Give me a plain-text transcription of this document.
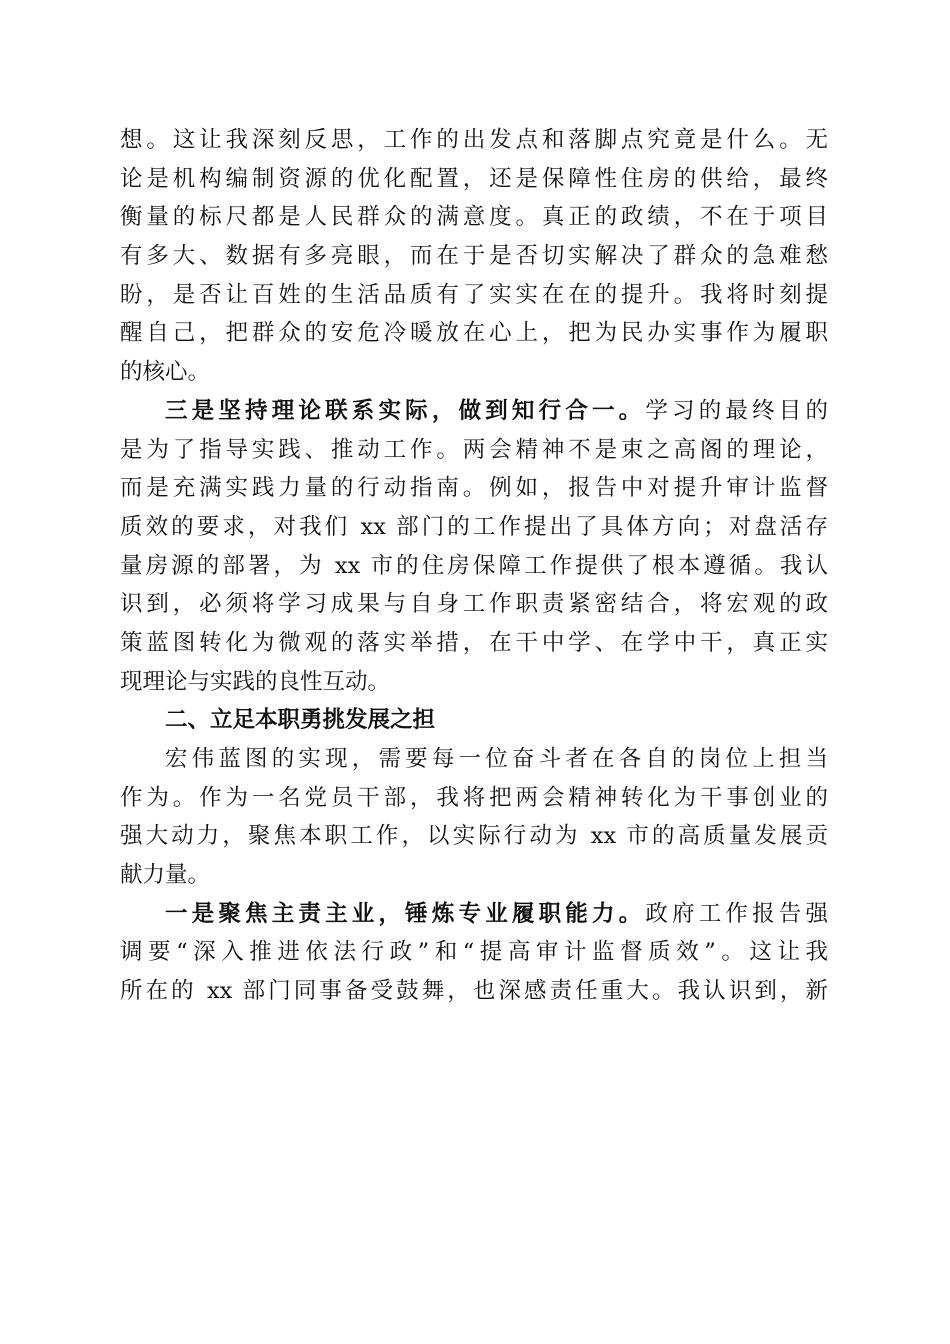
想。这让我深刻反思，工作的出发点和落脚点究竟是什么。无
论是机构编制资源的优化配置，还是保障性住房的供给，最终
衡量的标尺都是人民群众的满意度。真正的政绩，不在于项目
有多大、数据有多亮眼，而在于是否切实解决了群众的急难愁
盼，是否让百姓的生活品质有了实实在在的提升。我将时刻提
醒自己，把群众的安危冷暖放在心上，把为民办实事作为履职
的核心。
三是坚持理论联系实际，做到知行合一。学习的最终目的
是为了指导实践、推动工作。两会精神不是束之高阁的理论，
而是充满实践力量的行动指南。例如，报告中对提升审计监督
质效的要求，对我们 xx 部门的工作提出了具体方向；对盘活存
量房源的部署，为 xx 市的住房保障工作提供了根本遵循。我认
识到，必须将学习成果与自身工作职责紧密结合，将宏观的政
策蓝图转化为微观的落实举措，在干中学、在学中干，真正实
现理论与实践的良性互动。
二、立足本职勇挑发展之担
宏伟蓝图的实现，需要每一位奋斗者在各自的岗位上担当
作为。作为一名党员干部，我将把两会精神转化为干事创业的
强大动力，聚焦本职工作，以实际行动为 xx 市的高质量发展贡
献力量。
一是聚焦主责主业，锤炼专业履职能力。政府工作报告强
调要“深入推进依法行政”和“提高审计监督质效”。这让我
所在的 xx 部门同事备受鼓舞，也深感责任重大。我认识到，新
